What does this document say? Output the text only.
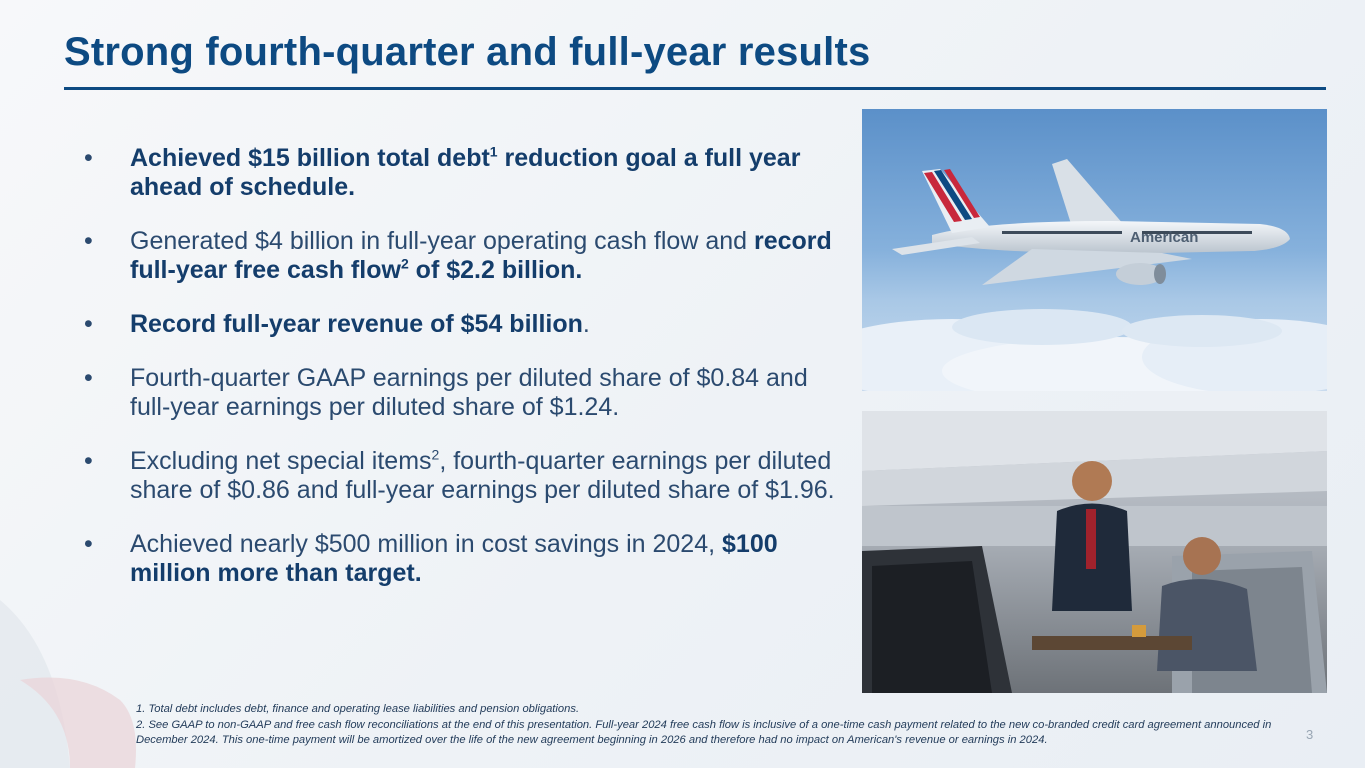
Strong fourth-quarter and full-year results
• Achieved $15 billion total debt$^1$ reduction goal a full year ahead of schedule.
• Generated $4 billion in full-year operating cash flow and record full-year free cash flow$^2$ of $2.2 billion.
• Record full-year revenue of $54 billion.
• Fourth-quarter GAAP earnings per diluted share of $0.84 and full-year earnings per diluted share of $1.24.
• Excluding net special items$^2$, fourth-quarter earnings per diluted share of $0.86 and full-year earnings per diluted share of $1.96.
• Achieved nearly $500 million in cost savings in 2024, $100 million more than target.
American
1. Total debt includes debt, finance and operating lease liabilities and pension obligations.
2. See GAAP to non-GAAP and free cash flow reconciliations at the end of this presentation. Full-year 2024 free cash flow is inclusive of a one-time cash payment related to the new co-branded credit card agreement announced in December 2024. This one-time payment will be amortized over the life of the new agreement beginning in 2026 and therefore had no impact on American's revenue or earnings in 2024.	3
